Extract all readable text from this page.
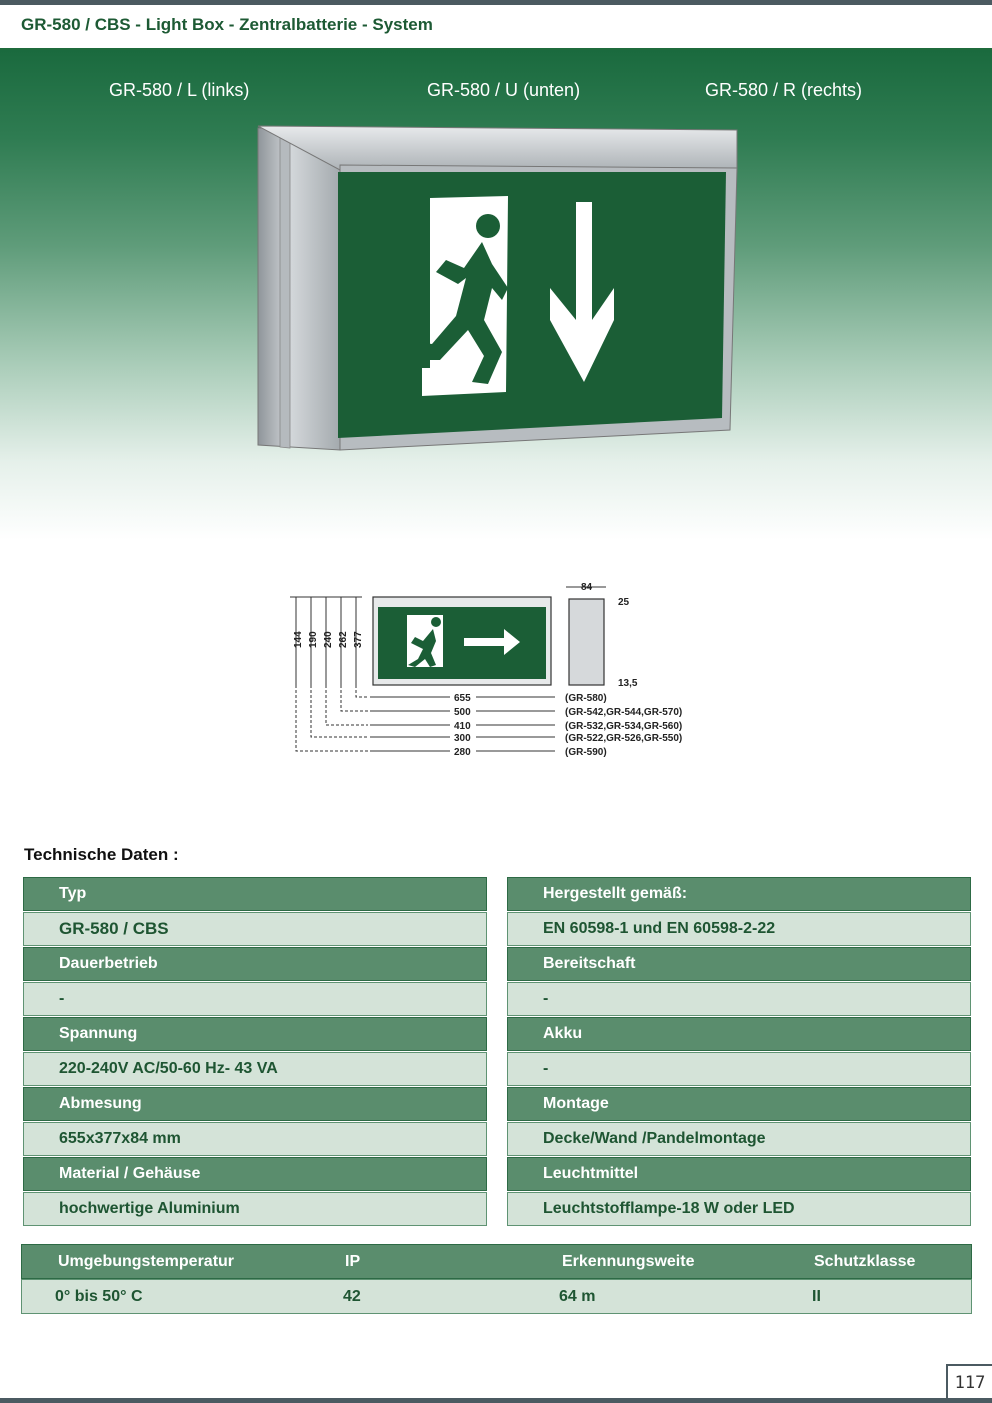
GR-580 / CBS - Light Box - Zentralbatterie - System
GR-580 / L (links)	GR-580 / U (unten)	GR-580 / R (rechts)
144 190 240 262 377
84
25
13,5
655
500
410
300
280
(GR-580)
(GR-542,GR-544,GR-570)
(GR-532,GR-534,GR-560)
(GR-522,GR-526,GR-550)
(GR-590)
Technische Daten :
Typ
GR-580 / CBS
Dauerbetrieb
-
Spannung
220-240V AC/50-60 Hz- 43 VA
Abmesung
655x377x84 mm
Material / Gehäuse
hochwertige Aluminium
Hergestellt gemäß:
EN 60598-1 und EN 60598-2-22
Bereitschaft
-
Akku
-
Montage
Decke/Wand /Pandelmontage
Leuchtmittel
Leuchtstofflampe-18 W oder LED
Umgebungstemperatur	IP	Erkennungsweite	Schutzklasse
0° bis 50° C	42	64 m	II
117
